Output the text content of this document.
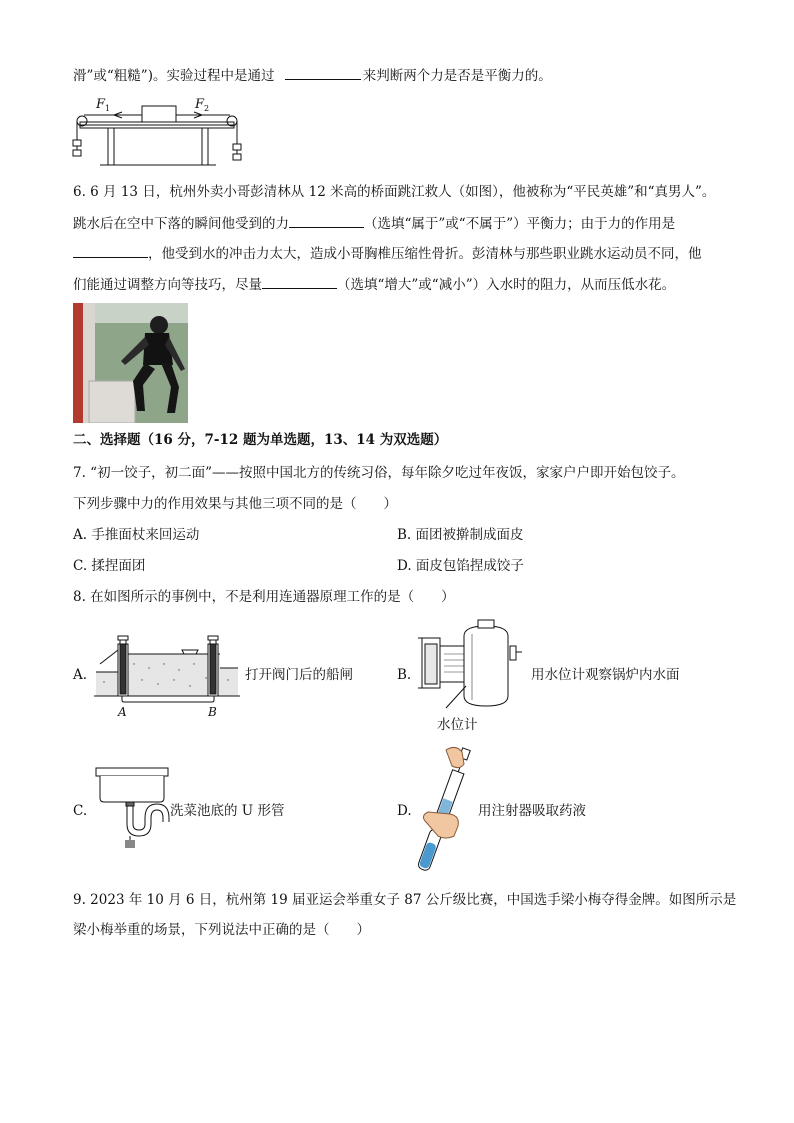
滑”或“粗糙”)。实验过程中是通过	来判断两个力是否是平衡力的。
F 1	F 2
6. 6 月 13 日，杭州外卖小哥彭清林从 12 米高的桥面跳江救人（如图），他被称为“平民英雄”和“真男人”。
跳水后在空中下落的瞬间他受到的力	（选填“属于”或“不属于”）平衡力；由于力的作用是
，他受到水的冲击力太大，造成小哥胸椎压缩性骨折。彭清林与那些职业跳水运动员不同，他
们能通过调整方向等技巧，尽量	（选填“增大”或“减小”）入水时的阻力，从而压低水花。
二、选择题（16 分，7-12 题为单选题，13、14 为双选题）
7. “初一饺子，初二面”——按照中国北方的传统习俗，每年除夕吃过年夜饭，家家户户即开始包饺子。
下列步骤中力的作用效果与其他三项不同的是（　　）
A. 手推面杖来回运动	B. 面团被擀制成面皮
C. 揉捏面团	D. 面皮包馅捏成饺子
8. 在如图所示的事例中，不是利用连通器原理工作的是（　　）
A.
A	B
打开阀门后的船闸	B.	用水位计观察锅炉内水面
水位计
C.	洗菜池底的 U 形管	D.	用注射器吸取药液
9. 2023 年 10 月 6 日，杭州第 19 届亚运会举重女子 87 公斤级比赛，中国选手梁小梅夺得金牌。如图所示是
梁小梅举重的场景，下列说法中正确的是（　　）
